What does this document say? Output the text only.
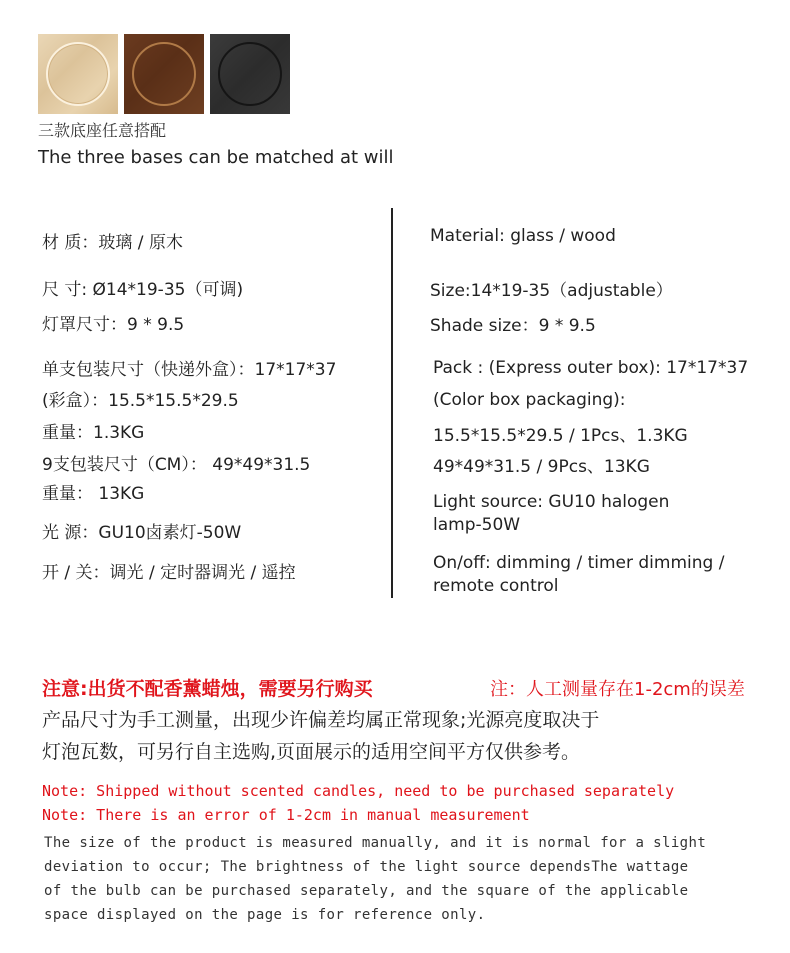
三款底座任意搭配
The three bases can be matched at will
材 质：玻璃 / 原木
尺 寸: Ø14*19-35（可调)
灯罩尺寸：9 * 9.5
单支包装尺寸（快递外盒）：17*17*37
(彩盒）：15.5*15.5*29.5
重量：1.3KG
9支包装尺寸（CM）： 49*49*31.5
重量： 13KG
光 源：GU10卤素灯-50W
开 / 关：调光 / 定时器调光 / 遥控
Material: glass / wood
Size:14*19-35（adjustable）
Shade size：9 * 9.5
Pack : (Express outer box): 17*17*37
(Color box packaging):
15.5*15.5*29.5 / 1Pcs、1.3KG
49*49*31.5 / 9Pcs、13KG
Light source: GU10 halogen
lamp-50W
On/off: dimming / timer dimming /
remote control
注意:出货不配香薰蜡烛，需要另行购买	注：人工测量存在1-2cm的误差
产品尺寸为手工测量，出现少许偏差均属正常现象;光源亮度取决于
灯泡瓦数，可另行自主选购,页面展示的适用空间平方仅供参考。
Note: Shipped without scented candles, need to be purchased separately
Note: There is an error of 1-2cm in manual measurement
The size of the product is measured manually, and it is normal for a slight
deviation to occur; The brightness of the light source dependsThe wattage
of the bulb can be purchased separately, and the square of the applicable
space displayed on the page is for reference only.
